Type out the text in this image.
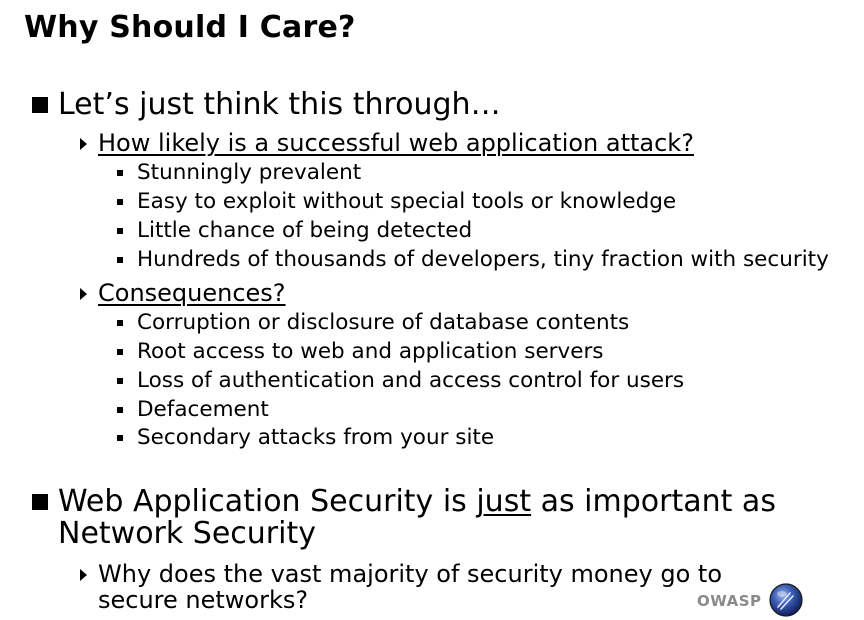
Why Should I Care?
Let’s just think this through…
How likely is a successful web application attack?
Stunningly prevalent
Easy to exploit without special tools or knowledge
Little chance of being detected
Hundreds of thousands of developers, tiny fraction with security
Consequences?
Corruption or disclosure of database contents
Root access to web and application servers
Loss of authentication and access control for users
Defacement
Secondary attacks from your site
Web Application Security is just as important as
Network Security
Why does the vast majority of security money go to
secure networks?	OWASP
